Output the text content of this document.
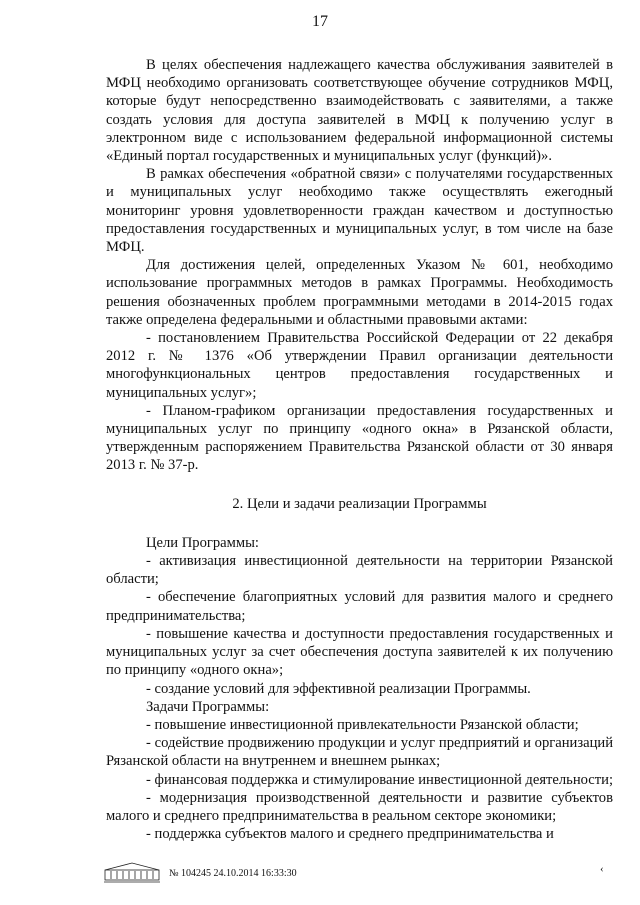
17

В целях обеспечения надлежащего качества обслуживания заявителей в МФЦ необходимо организовать соответствующее обучение сотрудников МФЦ, которые будут непосредственно взаимодействовать с заявителями, а также создать условия для доступа заявителей в МФЦ к получению услуг в электронном виде с использованием федеральной информационной системы «Единый портал государственных и муниципальных услуг (функций)».

В рамках обеспечения «обратной связи» с получателями государственных и муниципальных услуг необходимо также осуществлять ежегодный мониторинг уровня удовлетворенности граждан качеством и доступностью предоставления государственных и муниципальных услуг, в том числе на базе МФЦ.

Для достижения целей, определенных Указом № 601, необходимо использование программных методов в рамках Программы. Необходимость решения обозначенных проблем программными методами в 2014-2015 годах также определена федеральными и областными правовыми актами:

- постановлением Правительства Российской Федерации от 22 декабря 2012 г. № 1376 «Об утверждении Правил организации деятельности многофункциональных центров предоставления государственных и муниципальных услуг»;

- Планом-графиком организации предоставления государственных и муниципальных услуг по принципу «одного окна» в Рязанской области, утвержденным распоряжением Правительства Рязанской области от 30 января 2013 г. № 37-р.

2. Цели и задачи реализации Программы

Цели Программы:

- активизация инвестиционной деятельности на территории Рязанской области;

- обеспечение благоприятных условий для развития малого и среднего предпринимательства;

- повышение качества и доступности предоставления государственных и муниципальных услуг за счет обеспечения доступа заявителей к их получению по принципу «одного окна»;

- создание условий для эффективной реализации Программы.

Задачи Программы:

- повышение инвестиционной привлекательности Рязанской области;

- содействие продвижению продукции и услуг предприятий и организаций Рязанской области на внутреннем и внешнем рынках;

- финансовая поддержка и стимулирование инвестиционной деятельности;

- модернизация производственной деятельности и развитие субъектов малого и среднего предпринимательства в реальном секторе экономики;

- поддержка субъектов малого и среднего предпринимательства и

№ 104245 24.10.2014 16:33:30	‹
